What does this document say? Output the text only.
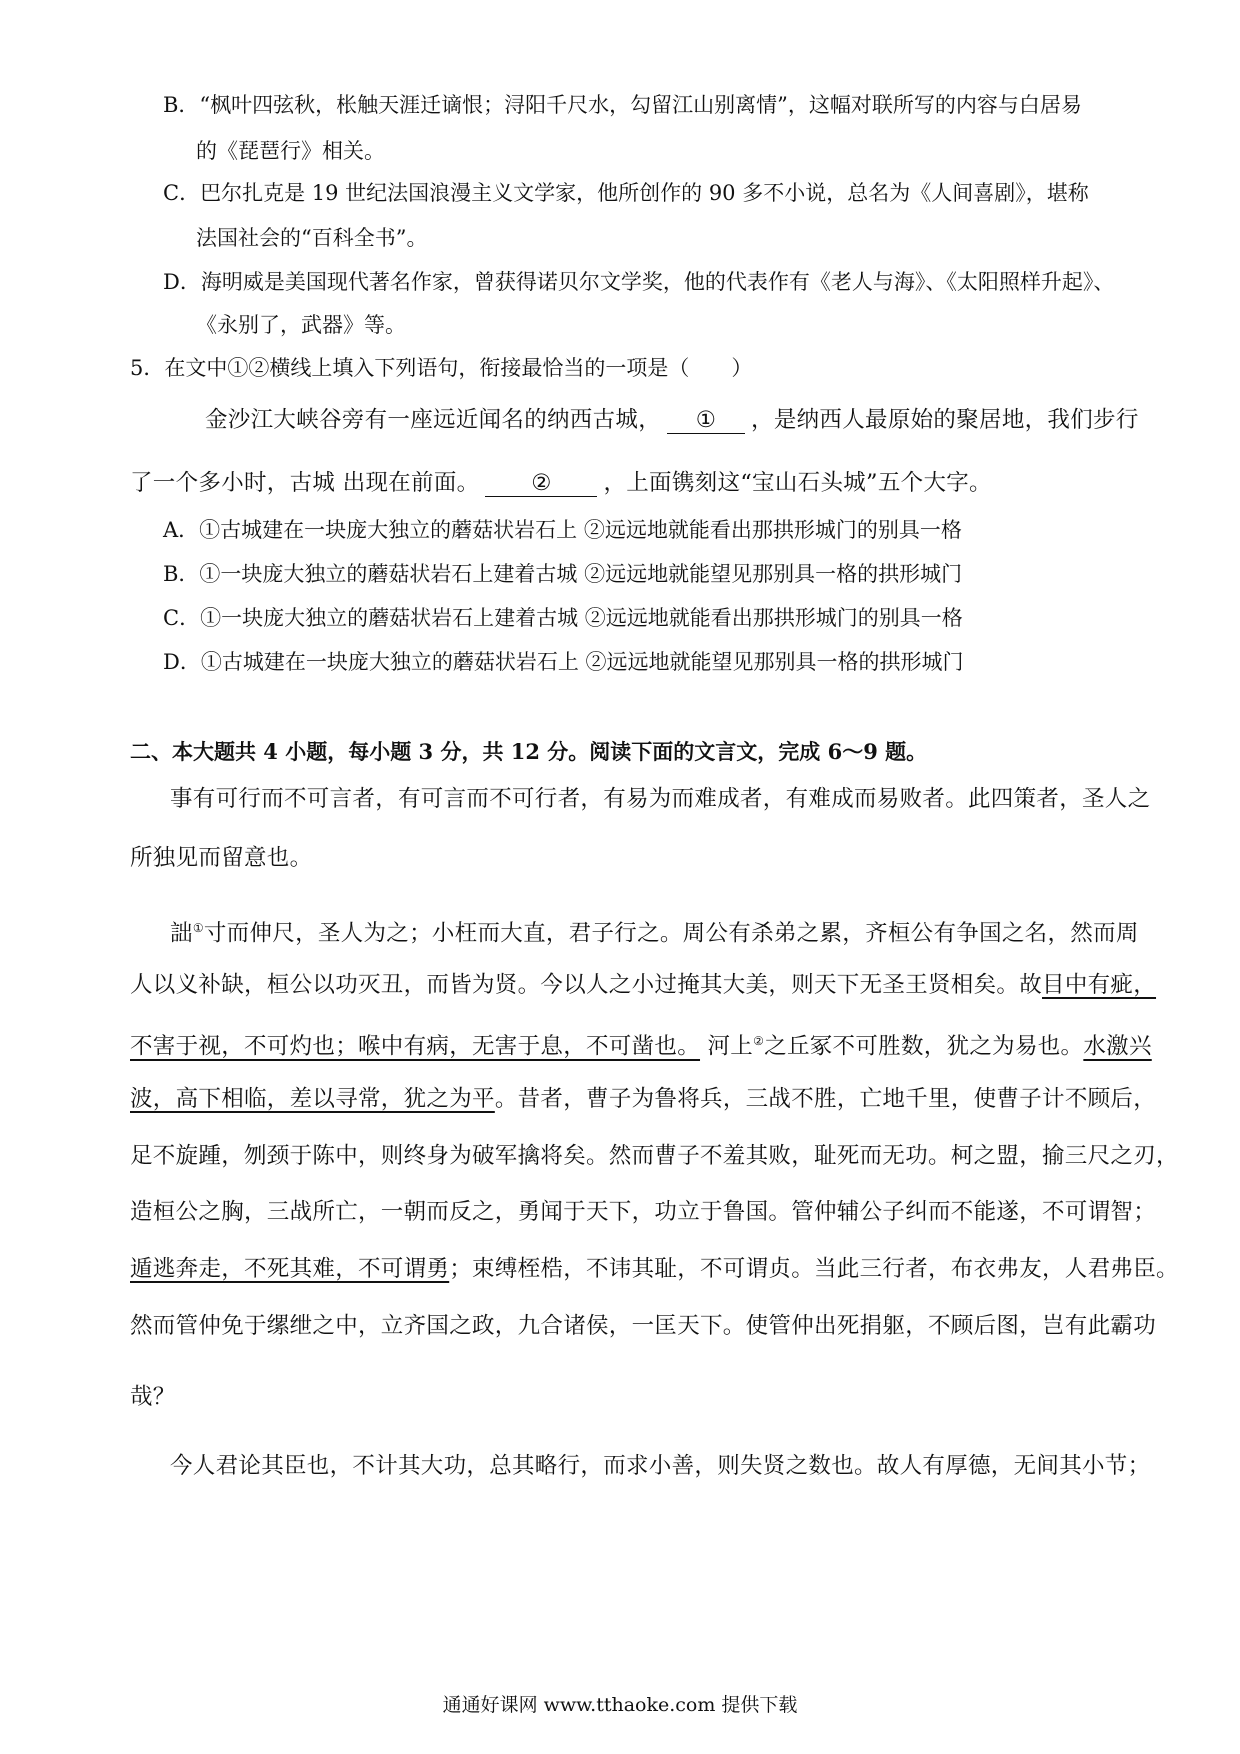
B．“枫叶四弦秋，枨触天涯迁谪恨；浔阳千尺水，勾留江山别离情”，这幅对联所写的内容与白居易
的《琵琶行》相关。
C．巴尔扎克是 19 世纪法国浪漫主义文学家，他所创作的 90 多不小说，总名为《人间喜剧》，堪称
法国社会的“百科全书”。
D．海明威是美国现代著名作家，曾获得诺贝尔文学奖，他的代表作有《老人与海》、《太阳照样升起》、
《永别了，武器》等。
5．在文中①②横线上填入下列语句，衔接最恰当的一项是（　　）
金沙江大峡谷旁有一座远近闻名的纳西古城， ① ，是纳西人最原始的聚居地，我们步行
了一个多小时，古城 出现在前面。 ② ，上面镌刻这“宝山石头城”五个大字。
A．①古城建在一块庞大独立的蘑菇状岩石上 ②远远地就能看出那拱形城门的别具一格
B．①一块庞大独立的蘑菇状岩石上建着古城 ②远远地就能望见那别具一格的拱形城门
C．①一块庞大独立的蘑菇状岩石上建着古城 ②远远地就能看出那拱形城门的别具一格
D．①古城建在一块庞大独立的蘑菇状岩石上 ②远远地就能望见那别具一格的拱形城门
二、本大题共 4 小题，每小题 3 分，共 12 分。阅读下面的文言文，完成 6～9 题。
事有可行而不可言者，有可言而不可行者，有易为而难成者，有难成而易败者。此四策者，圣人之
所独见而留意也。
詘①寸而伸尺，圣人为之；小枉而大直，君子行之。周公有杀弟之累，齐桓公有争国之名，然而周
人以义补缺，桓公以功灭丑，而皆为贤。今以人之小过掩其大美，则天下无圣王贤相矣。故目中有疵，
不害于视，不可灼也；喉中有病，无害于息，不可凿也。 河上②之丘冢不可胜数，犹之为易也。水激兴
波，高下相临，差以寻常，犹之为平。昔者，曹子为鲁将兵，三战不胜，亡地千里，使曹子计不顾后，
足不旋踵，刎颈于陈中，则终身为破军擒将矣。然而曹子不羞其败，耻死而无功。柯之盟，揄三尺之刃，
造桓公之胸，三战所亡，一朝而反之，勇闻于天下，功立于鲁国。管仲辅公子纠而不能遂，不可谓智；
遁逃奔走，不死其难，不可谓勇；束缚桎梏，不讳其耻，不可谓贞。当此三行者，布衣弗友，人君弗臣。
然而管仲免于缧绁之中，立齐国之政，九合诸侯，一匡天下。使管仲出死捐躯，不顾后图，岂有此霸功
哉？
今人君论其臣也，不计其大功，总其略行，而求小善，则失贤之数也。故人有厚德，无间其小节；
通通好课网 www.tthaoke.com 提供下载
